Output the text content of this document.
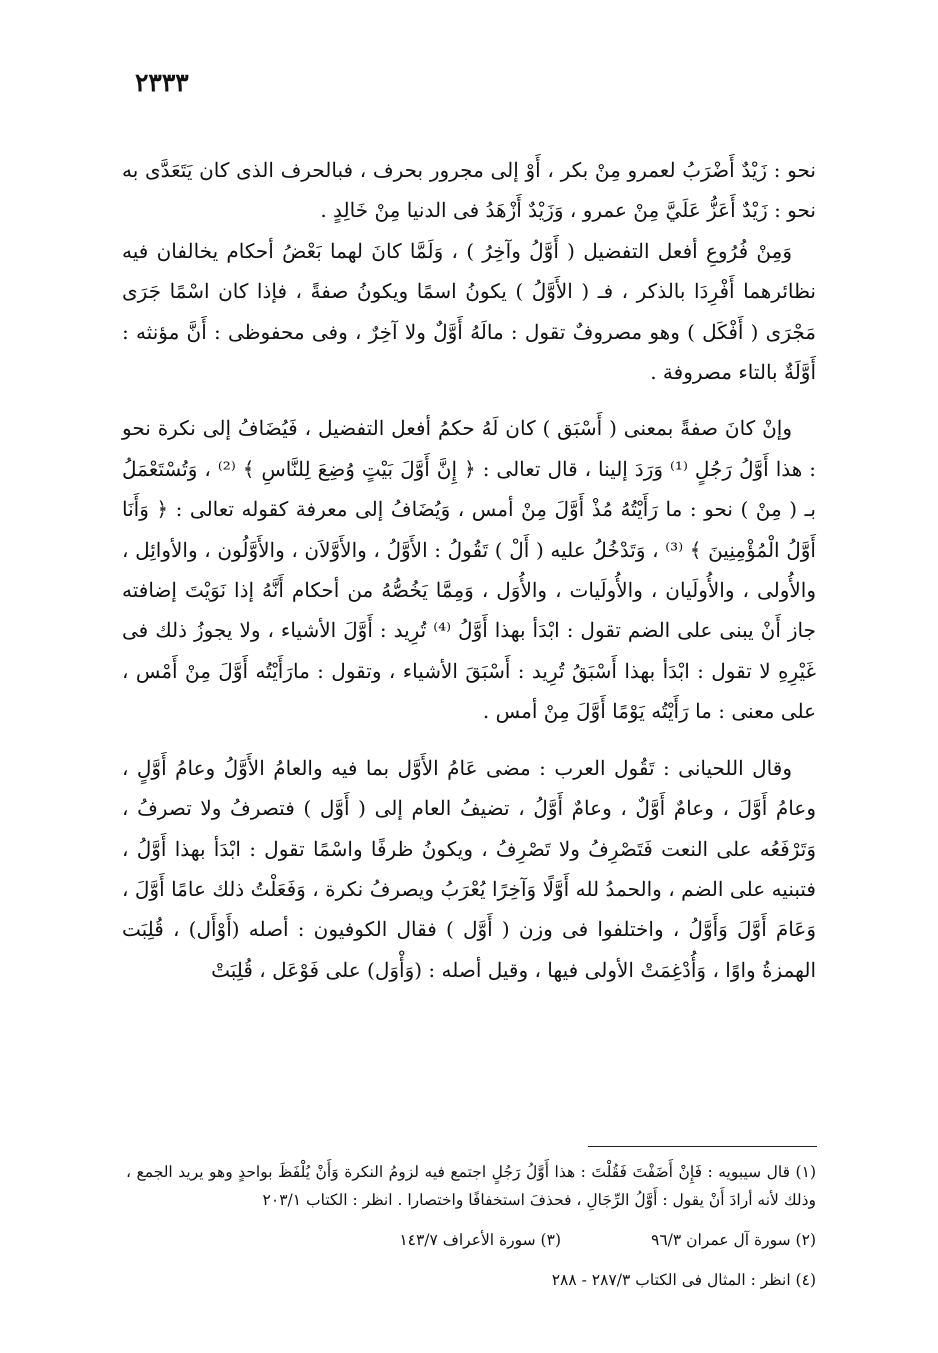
٢٣٣٣

نحو : زَيْدٌ أَضْرَبُ لعمرو مِنْ بكر ، أَوْ إلى مجرور بحرف ، فبالحرف الذى كان يَتَعَدَّى به نحو : زَيْدٌ أَعَزُّ عَلَيَّ مِنْ عمرو ، وَزَيْدٌ أَزْهَدُ فى الدنيا مِنْ خَالِدٍ .

وَمِنْ فُرُوعِ أفعل التفضيل ( أَوَّلُ وآخِرُ ) ، وَلَمَّا كانَ لهما بَعْضُ أحكام يخالفان فيه نظائرهما أَفْرِدَا بالذكر ، فـ ( الأَوَّلُ ) يكونُ اسمًا ويكونُ صفةً ، فإذا كان اسْمًا جَرَى مَجْرَى ( أَفْكَل ) وهو مصروفٌ تقول : مالَهُ أَوَّلٌ ولا آخِرٌ ، وفى محفوظى : أَنَّ مؤنثه : أَوَّلَةٌ بالتاء مصروفة .

وإنْ كانَ صفةً بمعنى ( أَسْبَق ) كان لَهُ حكمُ أفعل التفضيل ، فَيُضَافُ إلى نكرة نحو : هذا أَوَّلُ رَجُلٍ ⁽¹⁾ وَرَدَ إلينا ، قال تعالى : ﴿ إِنَّ أَوَّلَ بَيْتٍ وُضِعَ لِلنَّاسِ ﴾ ⁽²⁾ ، وَتُسْتَعْمَلُ بـ ( مِنْ ) نحو : ما رَأَيْتُهُ مُذْ أَوَّلَ مِنْ أمس ، وَيُضَافُ إلى معرفة كقوله تعالى : ﴿ وَأَنَا أَوَّلُ الْمُؤْمِنِينَ ﴾ ⁽³⁾ ، وَتَدْخُلُ عليه ( أَلْ ) تَقُولُ : الأَوَّلُ ، والأَوَّلاَن ، والأَوَّلُون ، والأوائِل ، والأُولى ، والأُولَيان ، والأُولَيات ، والأُوَل ، وَمِمَّا يَخُصُّهُ من أحكام أَنَّهُ إذا نَوَيْتَ إضافته جاز أَنْ يبنى على الضم تقول : ابْدَأ بهذا أَوَّلُ ⁽⁴⁾ تُرِيد : أَوَّلَ الأشياء ، ولا يجوزُ ذلك فى غَيْرِهِ لا تقول : ابْدَأ بهذا أَسْبَقُ تُرِيد : أَسْبَقَ الأشياء ، وتقول : مارَأَيْتُه أَوَّلَ مِنْ أَمْس ، على معنى : ما رَأَيْتُه يَوْمًا أَوَّلَ مِنْ أمس .

وقال اللحيانى : تَقُول العرب : مضى عَامُ الأَوَّل بما فيه والعامُ الأَوَّلُ وعامُ أَوَّلٍ ، وعامُ أَوَّلَ ، وعامٌ أَوَّلٌ ، وعامٌ أَوَّلُ ، تضيفُ العام إلى ( أَوَّل ) فتصرفُ ولا تصرفُ ، وَتَرْفَعُه على النعت فَتَصْرِفُ ولا تَصْرِفُ ، ويكونُ ظرفًا واسْمًا تقول : ابْدَأ بهذا أَوَّلُ ، فتبنيه على الضم ، والحمدُ لله أَوَّلًا وَآخِرًا يُعْرَبُ ويصرفُ نكرة ، وَفَعَلْتُ ذلك عامًا أَوَّلَ ، وَعَامَ أَوَّلَ وَأَوَّلُ ، واختلفوا فى وزن ( أَوَّل ) فقال الكوفيون : أصله (أَوْأَل) ، قُلِبَت الهمزةُ واوًا ، وَأُدْغِمَتْ الأولى فيها ، وقيل أصله : (وَأْوَل) على فَوْعَل ، قُلِبَتْ

(١) قال سيبويه : فَإِنْ أَضَفْتَ فَقُلْتَ : هذا أَوَّلُ رَجُلٍ اجتمع فيه لزومُ النكرة وَأَنْ يُلْفَظَ بواحدٍ وهو يريد الجمع ، وذلك لأنه أرادَ أَنْ يقول : أَوَّلُ الرِّجَالِ ، فحذفَ استخفافًا واختصارا . انظر : الكتاب ٢٠٣/١

(٢) سورة آل عمران ٩٦/٣
(٣) سورة الأعراف ١٤٣/٧

(٤) انظر : المثال فى الكتاب ٢٨٧/٣ - ٢٨٨
